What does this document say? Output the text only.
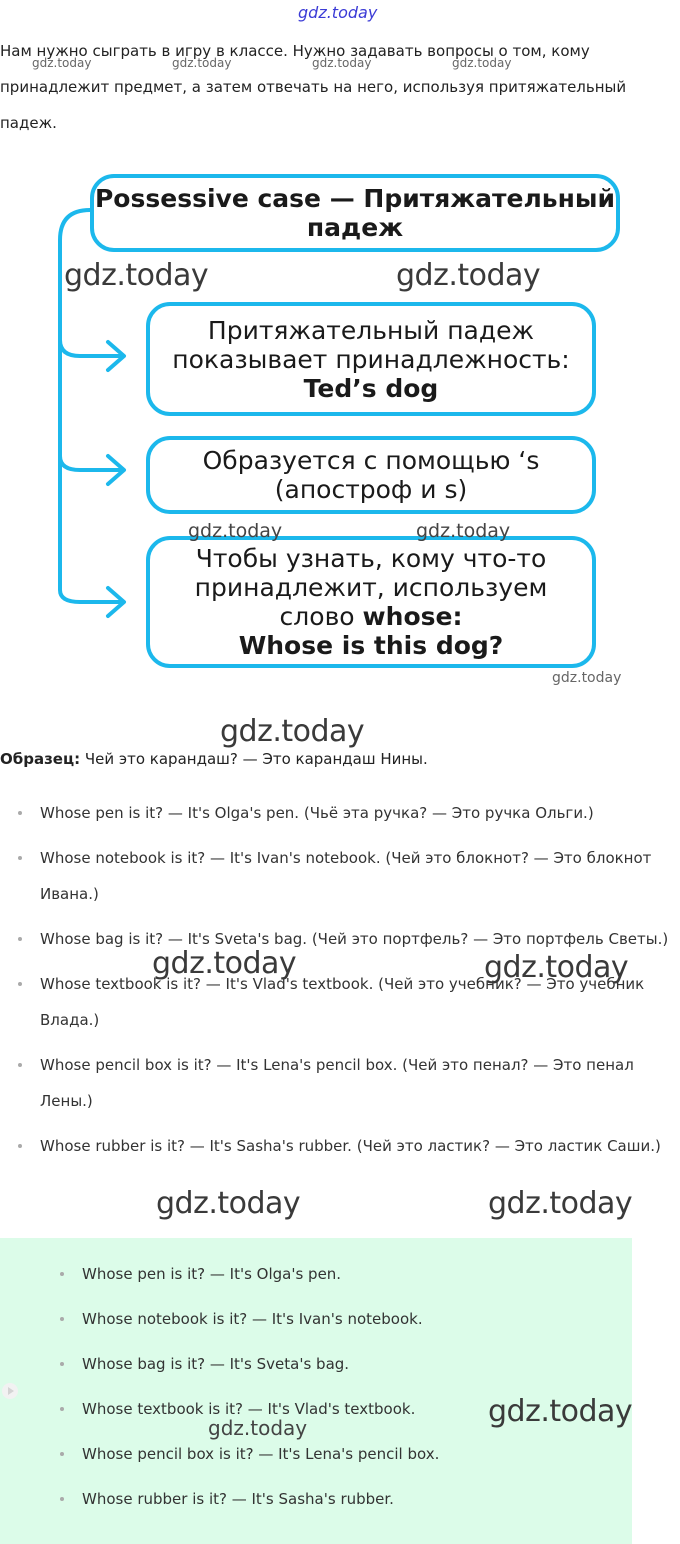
gdz.today
Нам нужно сыграть в игру в классе. Нужно задавать вопросы о том, кому
принадлежит предмет, а затем отвечать на него, используя притяжательный
падеж.
gdz.today	gdz.today	gdz.today	gdz.today
Possessive case — Притяжательный
падеж
Притяжательный падеж
показывает принадлежность:
Ted’s dog
Образуется с помощью ‘s
(апостроф и s)
Чтобы узнать, кому что-то
принадлежит, используем
слово whose:
Whose is this dog?
gdz.today	gdz.today
gdz.today	gdz.today
gdz.today
gdz.today
Образец: Чей это карандаш? — Это карандаш Нины.
Whose pen is it? — It's Olga's pen. (Чьё эта ручка? — Это ручка Ольги.)
Whose notebook is it? — It's Ivan's notebook. (Чей это блокнот? — Это блокнот Ивана.)
Whose bag is it? — It's Sveta's bag. (Чей это портфель? — Это портфель Светы.)
Whose textbook is it? — It's Vlad's textbook. (Чей это учебник? — Это учебник Влада.)
Whose pencil box is it? — It's Lena's pencil box. (Чей это пенал? — Это пенал Лены.)
Whose rubber is it? — It's Sasha's rubber. (Чей это ластик? — Это ластик Саши.)
gdz.today	gdz.today
gdz.today	gdz.today
Whose pen is it? — It's Olga's pen.
Whose notebook is it? — It's Ivan's notebook.
Whose bag is it? — It's Sveta's bag.
Whose textbook is it? — It's Vlad's textbook.
Whose pencil box is it? — It's Lena's pencil box.
Whose rubber is it? — It's Sasha's rubber.
gdz.today	gdz.today
